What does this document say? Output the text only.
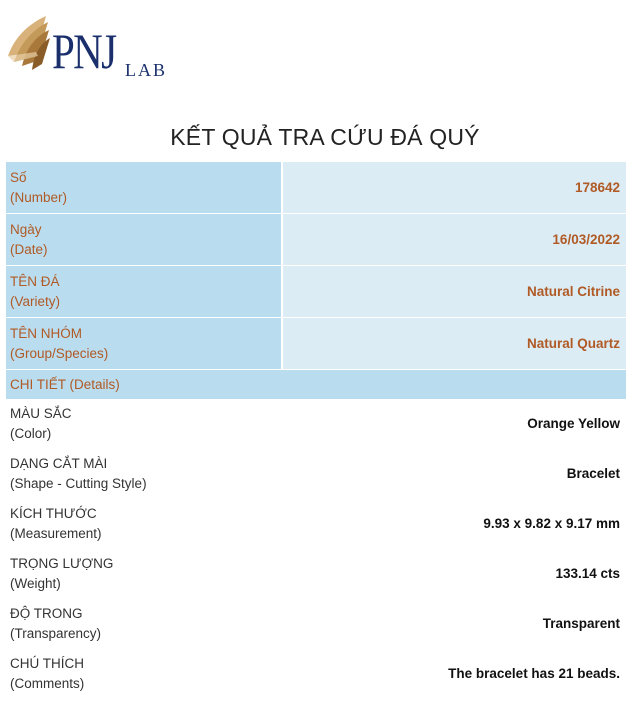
PNJ LAB
KẾT QUẢ TRA CỨU ĐÁ QUÝ
Số
(Number)	178642
Ngày
(Date)	16/03/2022
TÊN ĐÁ
(Variety)	Natural Citrine
TÊN NHÓM
(Group/Species)	Natural Quartz
CHI TIẾT (Details)	
MÀU SẮC
(Color)	Orange Yellow
DẠNG CẮT MÀI
(Shape - Cutting Style)	Bracelet
KÍCH THƯỚC
(Measurement)	9.93 x 9.82 x 9.17 mm
TRỌNG LƯỢNG
(Weight)	133.14 cts
ĐỘ TRONG
(Transparency)	Transparent
CHÚ THÍCH
(Comments)	The bracelet has 21 beads.
